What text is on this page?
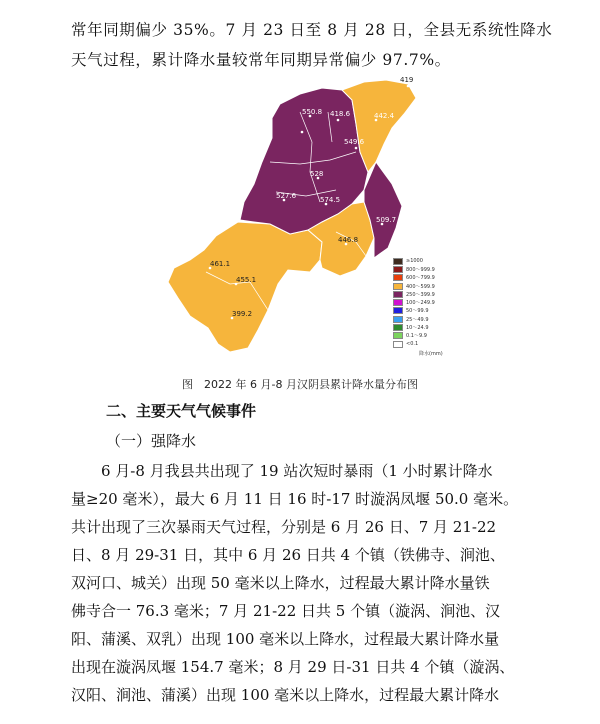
常年同期偏少 35%。7 月 23 日至 8 月 28 日，全县无系统性降水
天气过程，累计降水量较常年同期异常偏少 97.7%。
419
442.4
418.6
550.8
549.6
528
527.6	574.5
509.7
446.8
461.1
455.1
399.2
≥1000
800～999.9
600～799.9
400～599.9
250～399.9
100～249.9
50～99.9
25～49.9
10～24.9
0.1～9.9
<0.1
降水(mm)
图　2022 年 6 月-8 月汉阴县累计降水量分布图
二、主要天气气候事件
（一）强降水
　　6 月-8 月我县共出现了 19 站次短时暴雨（1 小时累计降水
量≥20 毫米），最大 6 月 11 日 16 时-17 时漩涡凤堰 50.0 毫米。
共计出现了三次暴雨天气过程，分别是 6 月 26 日、7 月 21-22
日、8 月 29-31 日，其中 6 月 26 日共 4 个镇（铁佛寺、涧池、
双河口、城关）出现 50 毫米以上降水，过程最大累计降水量铁
佛寺合一 76.3 毫米；7 月 21-22 日共 5 个镇（漩涡、涧池、汉
阳、蒲溪、双乳）出现 100 毫米以上降水，过程最大累计降水量
出现在漩涡凤堰 154.7 毫米；8 月 29 日-31 日共 4 个镇（漩涡、
汉阳、涧池、蒲溪）出现 100 毫米以上降水，过程最大累计降水
